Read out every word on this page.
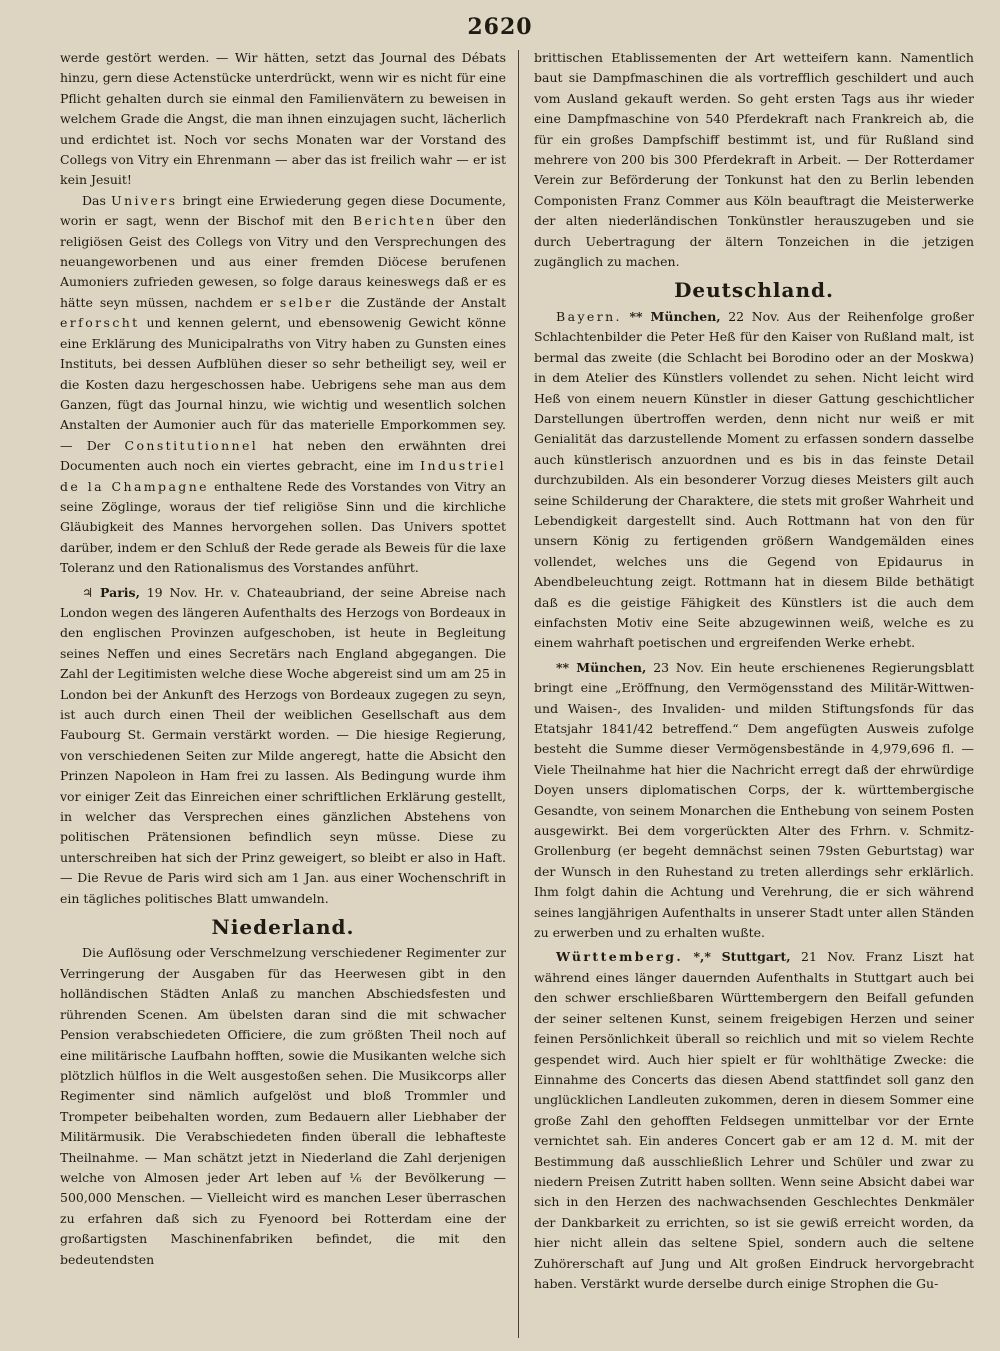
2620

werde gestört werden. — Wir hätten, setzt das Journal des Débats hinzu, gern diese Actenstücke unterdrückt, wenn wir es nicht für eine Pflicht gehalten durch sie einmal den Familienvätern zu beweisen in welchem Grade die Angst, die man ihnen einzujagen sucht, lächerlich und erdichtet ist. Noch vor sechs Monaten war der Vorstand des Collegs von Vitry ein Ehrenmann — aber das ist freilich wahr — er ist kein Jesuit!

Das Univers bringt eine Erwiederung gegen diese Documente, worin er sagt, wenn der Bischof mit den Berichten über den religiösen Geist des Collegs von Vitry und den Versprechungen des neuangeworbenen und aus einer fremden Diöcese berufenen Aumoniers zufrieden gewesen, so folge daraus keineswegs daß er es hätte seyn müssen, nachdem er selber die Zustände der Anstalt erforscht und kennen gelernt, und ebensowenig Gewicht könne eine Erklärung des Municipalraths von Vitry haben zu Gunsten eines Instituts, bei dessen Aufblühen dieser so sehr betheiligt sey, weil er die Kosten dazu hergeschossen habe. Uebrigens sehe man aus dem Ganzen, fügt das Journal hinzu, wie wichtig und wesentlich solchen Anstalten der Aumonier auch für das materielle Emporkommen sey. — Der Constitutionnel hat neben den erwähnten drei Documenten auch noch ein viertes gebracht, eine im Industriel de la Champagne enthaltene Rede des Vorstandes von Vitry an seine Zöglinge, woraus der tief religiöse Sinn und die kirchliche Gläubigkeit des Mannes hervorgehen sollen. Das Univers spottet darüber, indem er den Schluß der Rede gerade als Beweis für die laxe Toleranz und den Rationalismus des Vorstandes anführt.

♃ Paris, 19 Nov. Hr. v. Chateaubriand, der seine Abreise nach London wegen des längeren Aufenthalts des Herzogs von Bordeaux in den englischen Provinzen aufgeschoben, ist heute in Begleitung seines Neffen und eines Secretärs nach England abgegangen. Die Zahl der Legitimisten welche diese Woche abgereist sind um am 25 in London bei der Ankunft des Herzogs von Bordeaux zugegen zu seyn, ist auch durch einen Theil der weiblichen Gesellschaft aus dem Faubourg St. Germain verstärkt worden. — Die hiesige Regierung, von verschiedenen Seiten zur Milde angeregt, hatte die Absicht den Prinzen Napoleon in Ham frei zu lassen. Als Bedingung wurde ihm vor einiger Zeit das Einreichen einer schriftlichen Erklärung gestellt, in welcher das Versprechen eines gänzlichen Abstehens von politischen Prätensionen befindlich seyn müsse. Diese zu unterschreiben hat sich der Prinz geweigert, so bleibt er also in Haft. — Die Revue de Paris wird sich am 1 Jan. aus einer Wochenschrift in ein tägliches politisches Blatt umwandeln.

Niederland.

Die Auflösung oder Verschmelzung verschiedener Regimenter zur Verringerung der Ausgaben für das Heerwesen gibt in den holländischen Städten Anlaß zu manchen Abschiedsfesten und rührenden Scenen. Am übelsten daran sind die mit schwacher Pension verabschiedeten Officiere, die zum größten Theil noch auf eine militärische Laufbahn hofften, sowie die Musikanten welche sich plötzlich hülflos in die Welt ausgestoßen sehen. Die Musikcorps aller Regimenter sind nämlich aufgelöst und bloß Trommler und Trompeter beibehalten worden, zum Bedauern aller Liebhaber der Militärmusik. Die Verabschiedeten finden überall die lebhafteste Theilnahme. — Man schätzt jetzt in Niederland die Zahl derjenigen welche von Almosen jeder Art leben auf ⅙ der Bevölkerung — 500,000 Menschen. — Vielleicht wird es manchen Leser überraschen zu erfahren daß sich zu Fyenoord bei Rotterdam eine der großartigsten Maschinenfabriken befindet, die mit den bedeutendsten

brittischen Etablissementen der Art wetteifern kann. Namentlich baut sie Dampfmaschinen die als vortrefflich geschildert und auch vom Ausland gekauft werden. So geht ersten Tags aus ihr wieder eine Dampfmaschine von 540 Pferdekraft nach Frankreich ab, die für ein großes Dampfschiff bestimmt ist, und für Rußland sind mehrere von 200 bis 300 Pferdekraft in Arbeit. — Der Rotterdamer Verein zur Beförderung der Tonkunst hat den zu Berlin lebenden Componisten Franz Commer aus Köln beauftragt die Meisterwerke der alten niederländischen Tonkünstler herauszugeben und sie durch Uebertragung der ältern Tonzeichen in die jetzigen zugänglich zu machen.

Deutschland.

Bayern. ** München, 22 Nov. Aus der Reihenfolge großer Schlachtenbilder die Peter Heß für den Kaiser von Rußland malt, ist bermal das zweite (die Schlacht bei Borodino oder an der Moskwa) in dem Atelier des Künstlers vollendet zu sehen. Nicht leicht wird Heß von einem neuern Künstler in dieser Gattung geschichtlicher Darstellungen übertroffen werden, denn nicht nur weiß er mit Genialität das darzustellende Moment zu erfassen sondern dasselbe auch künstlerisch anzuordnen und es bis in das feinste Detail durchzubilden. Als ein besonderer Vorzug dieses Meisters gilt auch seine Schilderung der Charaktere, die stets mit großer Wahrheit und Lebendigkeit dargestellt sind. Auch Rottmann hat von den für unsern König zu fertigenden größern Wandgemälden eines vollendet, welches uns die Gegend von Epidaurus in Abendbeleuchtung zeigt. Rottmann hat in diesem Bilde bethätigt daß es die geistige Fähigkeit des Künstlers ist die auch dem einfachsten Motiv eine Seite abzugewinnen weiß, welche es zu einem wahrhaft poetischen und ergreifenden Werke erhebt.

** München, 23 Nov. Ein heute erschienenes Regierungsblatt bringt eine „Eröffnung, den Vermögensstand des Militär-Wittwen- und Waisen-, des Invaliden- und milden Stiftungsfonds für das Etatsjahr 1841/42 betreffend.“ Dem angefügten Ausweis zufolge besteht die Summe dieser Vermögensbestände in 4,979,696 fl. — Viele Theilnahme hat hier die Nachricht erregt daß der ehrwürdige Doyen unsers diplomatischen Corps, der k. württembergische Gesandte, von seinem Monarchen die Enthebung von seinem Posten ausgewirkt. Bei dem vorgerückten Alter des Frhrn. v. Schmitz-Grollenburg (er begeht demnächst seinen 79sten Geburtstag) war der Wunsch in den Ruhestand zu treten allerdings sehr erklärlich. Ihm folgt dahin die Achtung und Verehrung, die er sich während seines langjährigen Aufenthalts in unserer Stadt unter allen Ständen zu erwerben und zu erhalten wußte.

Württemberg. *,* Stuttgart, 21 Nov. Franz Liszt hat während eines länger dauernden Aufenthalts in Stuttgart auch bei den schwer erschließbaren Württembergern den Beifall gefunden der seiner seltenen Kunst, seinem freigebigen Herzen und seiner feinen Persönlichkeit überall so reichlich und mit so vielem Rechte gespendet wird. Auch hier spielt er für wohlthätige Zwecke: die Einnahme des Concerts das diesen Abend stattfindet soll ganz den unglücklichen Landleuten zukommen, deren in diesem Sommer eine große Zahl den gehofften Feldsegen unmittelbar vor der Ernte vernichtet sah. Ein anderes Concert gab er am 12 d. M. mit der Bestimmung daß ausschließlich Lehrer und Schüler und zwar zu niedern Preisen Zutritt haben sollten. Wenn seine Absicht dabei war sich in den Herzen des nachwachsenden Geschlechtes Denkmäler der Dankbarkeit zu errichten, so ist sie gewiß erreicht worden, da hier nicht allein das seltene Spiel, sondern auch die seltene Zuhörerschaft auf Jung und Alt großen Eindruck hervorgebracht haben. Verstärkt wurde derselbe durch einige Strophen die Gu-
